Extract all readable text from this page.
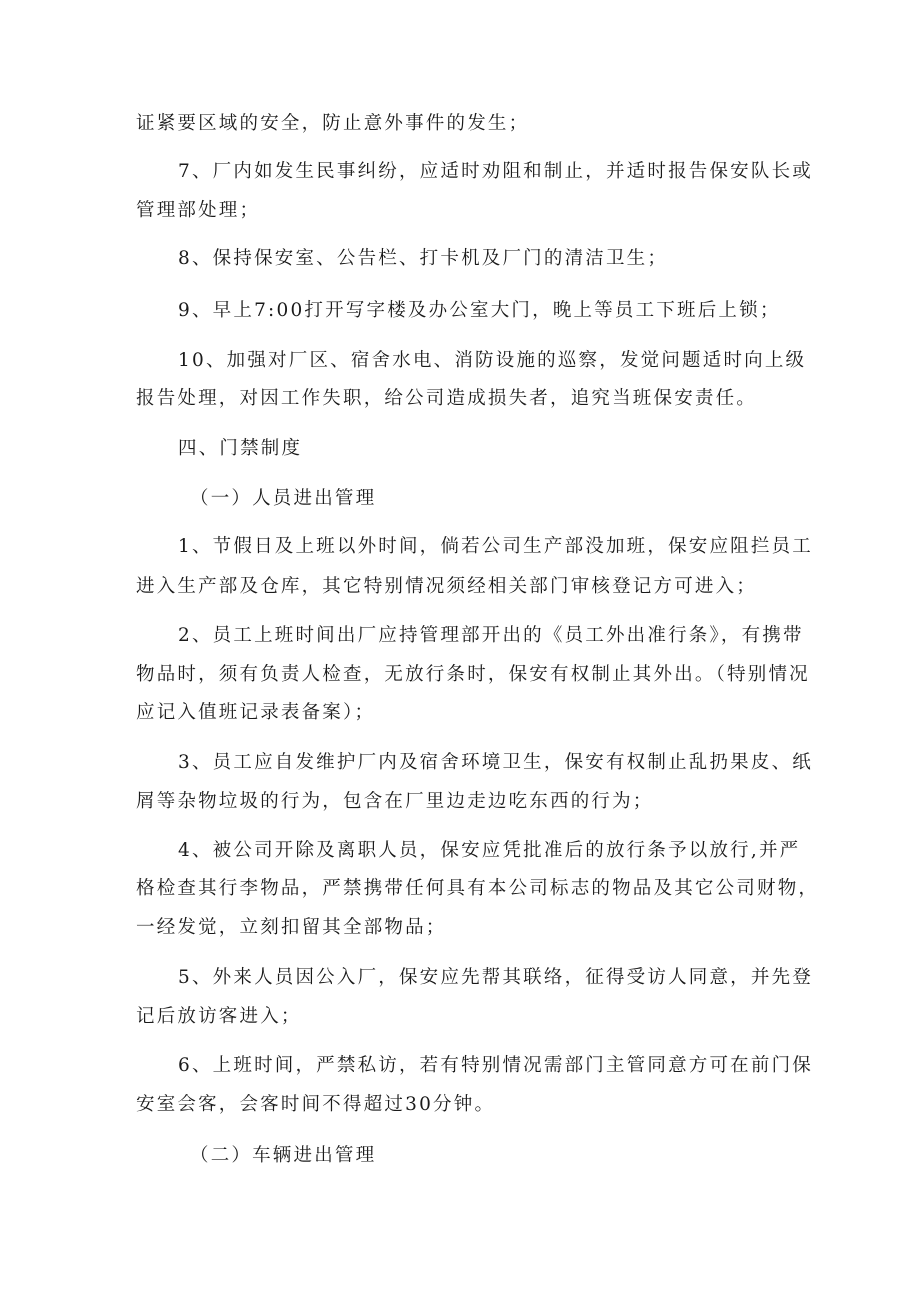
证紧要区域的安全，防止意外事件的发生；
7、厂内如发生民事纠纷，应适时劝阻和制止，并适时报告保安队长或
管理部处理；
8、保持保安室、公告栏、打卡机及厂门的清洁卫生；
9、早上7:00打开写字楼及办公室大门，晚上等员工下班后上锁；
10、加强对厂区、宿舍水电、消防设施的巡察，发觉问题适时向上级
报告处理，对因工作失职，给公司造成损失者，追究当班保安责任。
四、门禁制度
（一）人员进出管理
1、节假日及上班以外时间，倘若公司生产部没加班，保安应阻拦员工
进入生产部及仓库，其它特别情况须经相关部门审核登记方可进入；
2、员工上班时间出厂应持管理部开出的《员工外出准行条》，有携带
物品时，须有负责人检查，无放行条时，保安有权制止其外出。（特别情况
应记入值班记录表备案）；
3、员工应自发维护厂内及宿舍环境卫生，保安有权制止乱扔果皮、纸
屑等杂物垃圾的行为，包含在厂里边走边吃东西的行为；
4、被公司开除及离职人员，保安应凭批准后的放行条予以放行,并严
格检查其行李物品，严禁携带任何具有本公司标志的物品及其它公司财物，
一经发觉，立刻扣留其全部物品；
5、外来人员因公入厂，保安应先帮其联络，征得受访人同意，并先登
记后放访客进入；
6、上班时间，严禁私访，若有特别情况需部门主管同意方可在前门保
安室会客，会客时间不得超过30分钟。
（二）车辆进出管理
